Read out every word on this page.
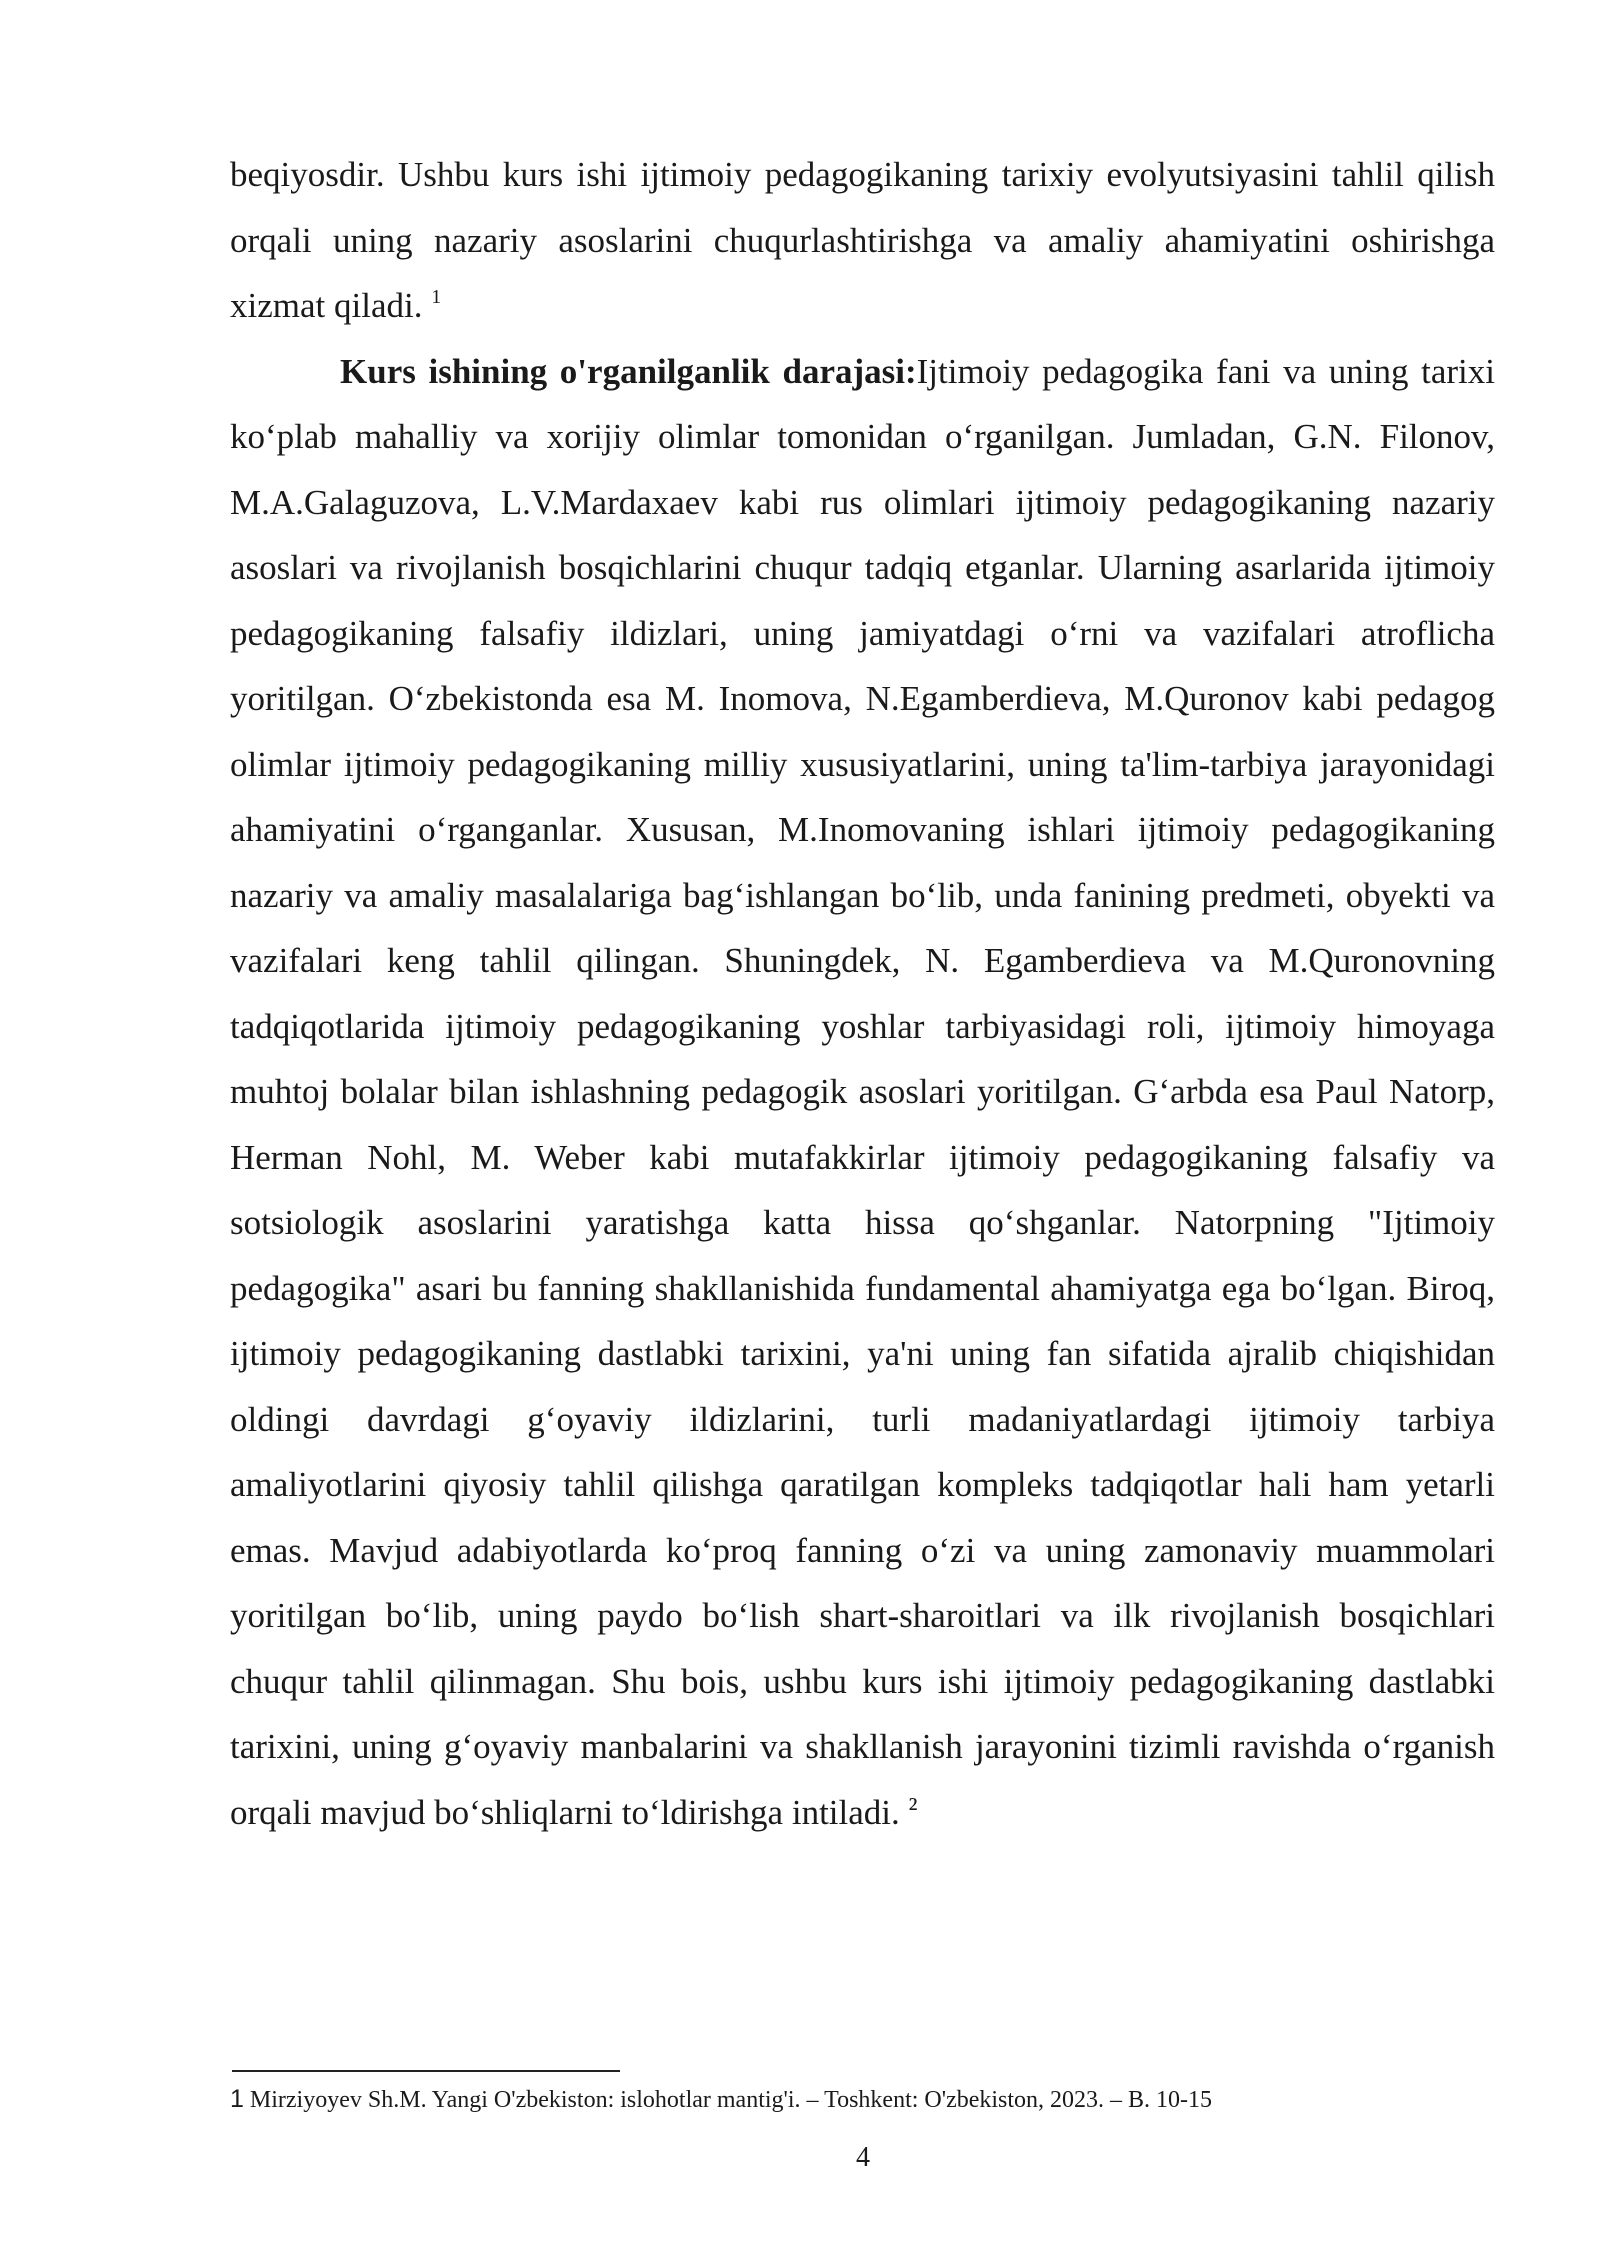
beqiyosdir. Ushbu kurs ishi ijtimoiy pedagogikaning tarixiy evolyutsiyasini tahlil qilish orqali uning nazariy asoslarini chuqurlashtirishga va amaliy ahamiyatini oshirishga xizmat qiladi. $^1$

Kurs ishining o'rganilganlik darajasi:Ijtimoiy pedagogika fani va uning tarixi ko‘plab mahalliy va xorijiy olimlar tomonidan o‘rganilgan. Jumladan, G.N. Filonov, M.A.Galaguzova, L.V.Mardaxaev kabi rus olimlari ijtimoiy pedagogikaning nazariy asoslari va rivojlanish bosqichlarini chuqur tadqiq etganlar. Ularning asarlarida ijtimoiy pedagogikaning falsafiy ildizlari, uning jamiyatdagi o‘rni va vazifalari atroflicha yoritilgan. O‘zbekistonda esa M. Inomova, N.Egamberdieva, M.Quronov kabi pedagog olimlar ijtimoiy pedagogikaning milliy xususiyatlarini, uning ta'lim-tarbiya jarayonidagi ahamiyatini o‘rganganlar. Xususan, M.Inomovaning ishlari ijtimoiy pedagogikaning nazariy va amaliy masalalariga bag‘ishlangan bo‘lib, unda fanining predmeti, obyekti va vazifalari keng tahlil qilingan. Shuningdek, N. Egamberdieva va M.Quronovning tadqiqotlarida ijtimoiy pedagogikaning yoshlar tarbiyasidagi roli, ijtimoiy himoyaga muhtoj bolalar bilan ishlashning pedagogik asoslari yoritilgan. G‘arbda esa Paul Natorp, Herman Nohl, M. Weber kabi mutafakkirlar ijtimoiy pedagogikaning falsafiy va sotsiologik asoslarini yaratishga katta hissa qo‘shganlar. Natorpning "Ijtimoiy pedagogika" asari bu fanning shakllanishida fundamental ahamiyatga ega bo‘lgan. Biroq, ijtimoiy pedagogikaning dastlabki tarixini, ya'ni uning fan sifatida ajralib chiqishidan oldingi davrdagi g‘oyaviy ildizlarini, turli madaniyatlardagi ijtimoiy tarbiya amaliyotlarini qiyosiy tahlil qilishga qaratilgan kompleks tadqiqotlar hali ham yetarli emas. Mavjud adabiyotlarda ko‘proq fanning o‘zi va uning zamonaviy muammolari yoritilgan bo‘lib, uning paydo bo‘lish shart-sharoitlari va ilk rivojlanish bosqichlari chuqur tahlil qilinmagan. Shu bois, ushbu kurs ishi ijtimoiy pedagogikaning dastlabki tarixini, uning g‘oyaviy manbalarini va shakllanish jarayonini tizimli ravishda o‘rganish orqali mavjud bo‘shliqlarni to‘ldirishga intiladi. ²

1 Mirziyoyev Sh.M. Yangi O'zbekiston: islohotlar mantig'i. – Toshkent: O'zbekiston, 2023. – B. 10-15
4
